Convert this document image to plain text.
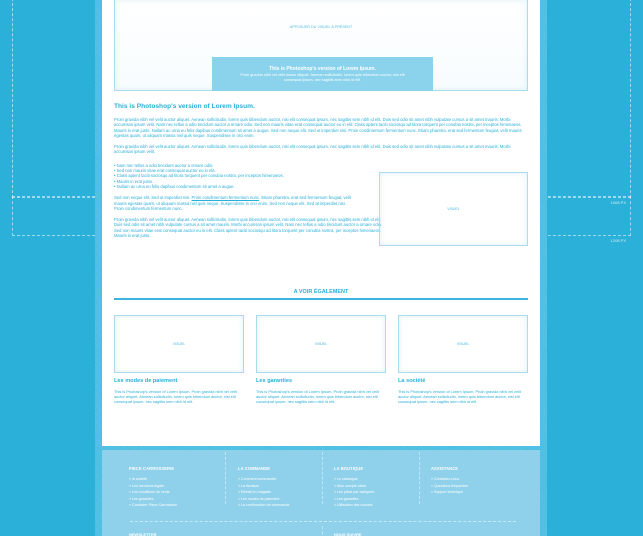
1068 PX
1208 PX
APPOSUER DU VISUEL À PRÉSENT
This is Photoshop's version of Lorem Ipsum.
Proin gravida nibh vel velit auctor aliquet. Aenean sollicitudin, lorem quis bibendum auctor, nisi elit consequat ipsum, nec sagittis sem nibh id elit.
This is Photoshop's version of Lorem Ipsum.

Proin gravida nibh vel velit auctor aliquet. Aenean sollicitudin, lorem quis bibendum auctor, nisi elit consequat ipsum, nec sagittis sem nibh id elit. Duis sed odio sit amet nibh vulputate cursus a sit amet mauris. Morbi accumsan ipsum velit. Nam nec tellus a odio tincidunt auctor a ornare odio. Sed non mauris vitae erat consequat auctor eu in elit. Class aptent taciti sociosqu ad litora torquent per conubia nostra, per inceptos himenaeos. Mauris in erat justo. Nullam ac urna eu felis dapibus condimentum sit amet a augue. Sed non neque elit. Sed ut imperdiet nisi. Proin condimentum fermentum nunc. Etiam pharetra, erat sed fermentum feugiat, velit mauris egestas quam, ut aliquam massa nisl quis neque. Suspendisse in orci enim.

Proin gravida nibh vel velit auctor aliquet. Aenean sollicitudin, lorem quis bibendum auctor, nisi elit consequat ipsum, nec sagittis sem nibh id elit. Duis sed odio sit amet nibh vulputate cursus a sit amet mauris. Morbi accumsan ipsum velit.

• Nam nec tellus a odio tincidunt auctor a ornare odio.
• Sed non mauris vitae erat consequat auctor eu in elit.
• Class aptent taciti sociosqu ad litora torquent per conubia nostra, per inceptos himenaeos.
• Mauris in erat justo.
• Nullam ac urna eu felis dapibus condimentum sit amet a augue.

Sed non neque elit. Sed ut imperdiet nisi. Proin condimentum fermentum nunc. Etiam pharetra, erat sed fermentum feugiat, velit mauris egestas quam, ut aliquam massa nisl quis neque. Suspendisse in orci enim. Sed non neque elit. Sed at imperdiet nisi. Proin condimentum fermentum nunc.

Proin gravida nibh vel velit auctor aliquet. Aenean sollicitudin, lorem quis bibendum auctor, nisi elit consequat ipsum, nec sagittis sem nibh id elit. Duis sed odio sit amet nibh vulputate cursus a sit amet mauris. Morbi accumsan ipsum velit. Nam nec tellus a odio tincidunt auctor a ornare odio. Sed non mauris vitae erat consequat auctor eu in elit. Class aptent taciti sociosqu ad litora torquent per conubia nostra, per inceptos himenaeos. Mauris in erat justo.

VISUEL
A VOIR ÉGALEMENT
VISUEL
Les modes de paiement

This is Photoshop's version of Lorem Ipsum. Proin gravida nibh vel velit auctor aliquet. Aenean sollicitudin, lorem quis bibendum auctor, nisi elit consequat ipsum, nec sagittis sem nibh id elit.

VISUEL
Les garanties

This is Photoshop's version of Lorem Ipsum. Proin gravida nibh vel velit auctor aliquet. Aenean sollicitudin, lorem quis bibendum auctor, nisi elit consequat ipsum, nec sagittis sem nibh id elit.

VISUEL
La société

This is Photoshop's version of Lorem Ipsum. Proin gravida nibh vel velit auctor aliquet. Aenean sollicitudin, lorem quis bibendum auctor, nisi elit consequat ipsum, nec sagittis sem nibh id elit.

PIECE CARROSSERIE
» la société
» Les mentions légale
» Les conditions de vente
» Les garanties
» Contacter Piece Carrosserie
LA COMMANDE
» Comment commander
» La livraison
» Retrait en magasin
» Les modes de paiement
» La confirmation de commande
LA BOUTIQUE
» Le catalogue
» Mon compte client
» Les pièce par catégorie
» Les garanties
» Utilisation des cookies
ASSISTANCE
» Contactez-nous
» Questions fréquentes
» Support technique
NEWSLETTER	NOUS SUIVRE
